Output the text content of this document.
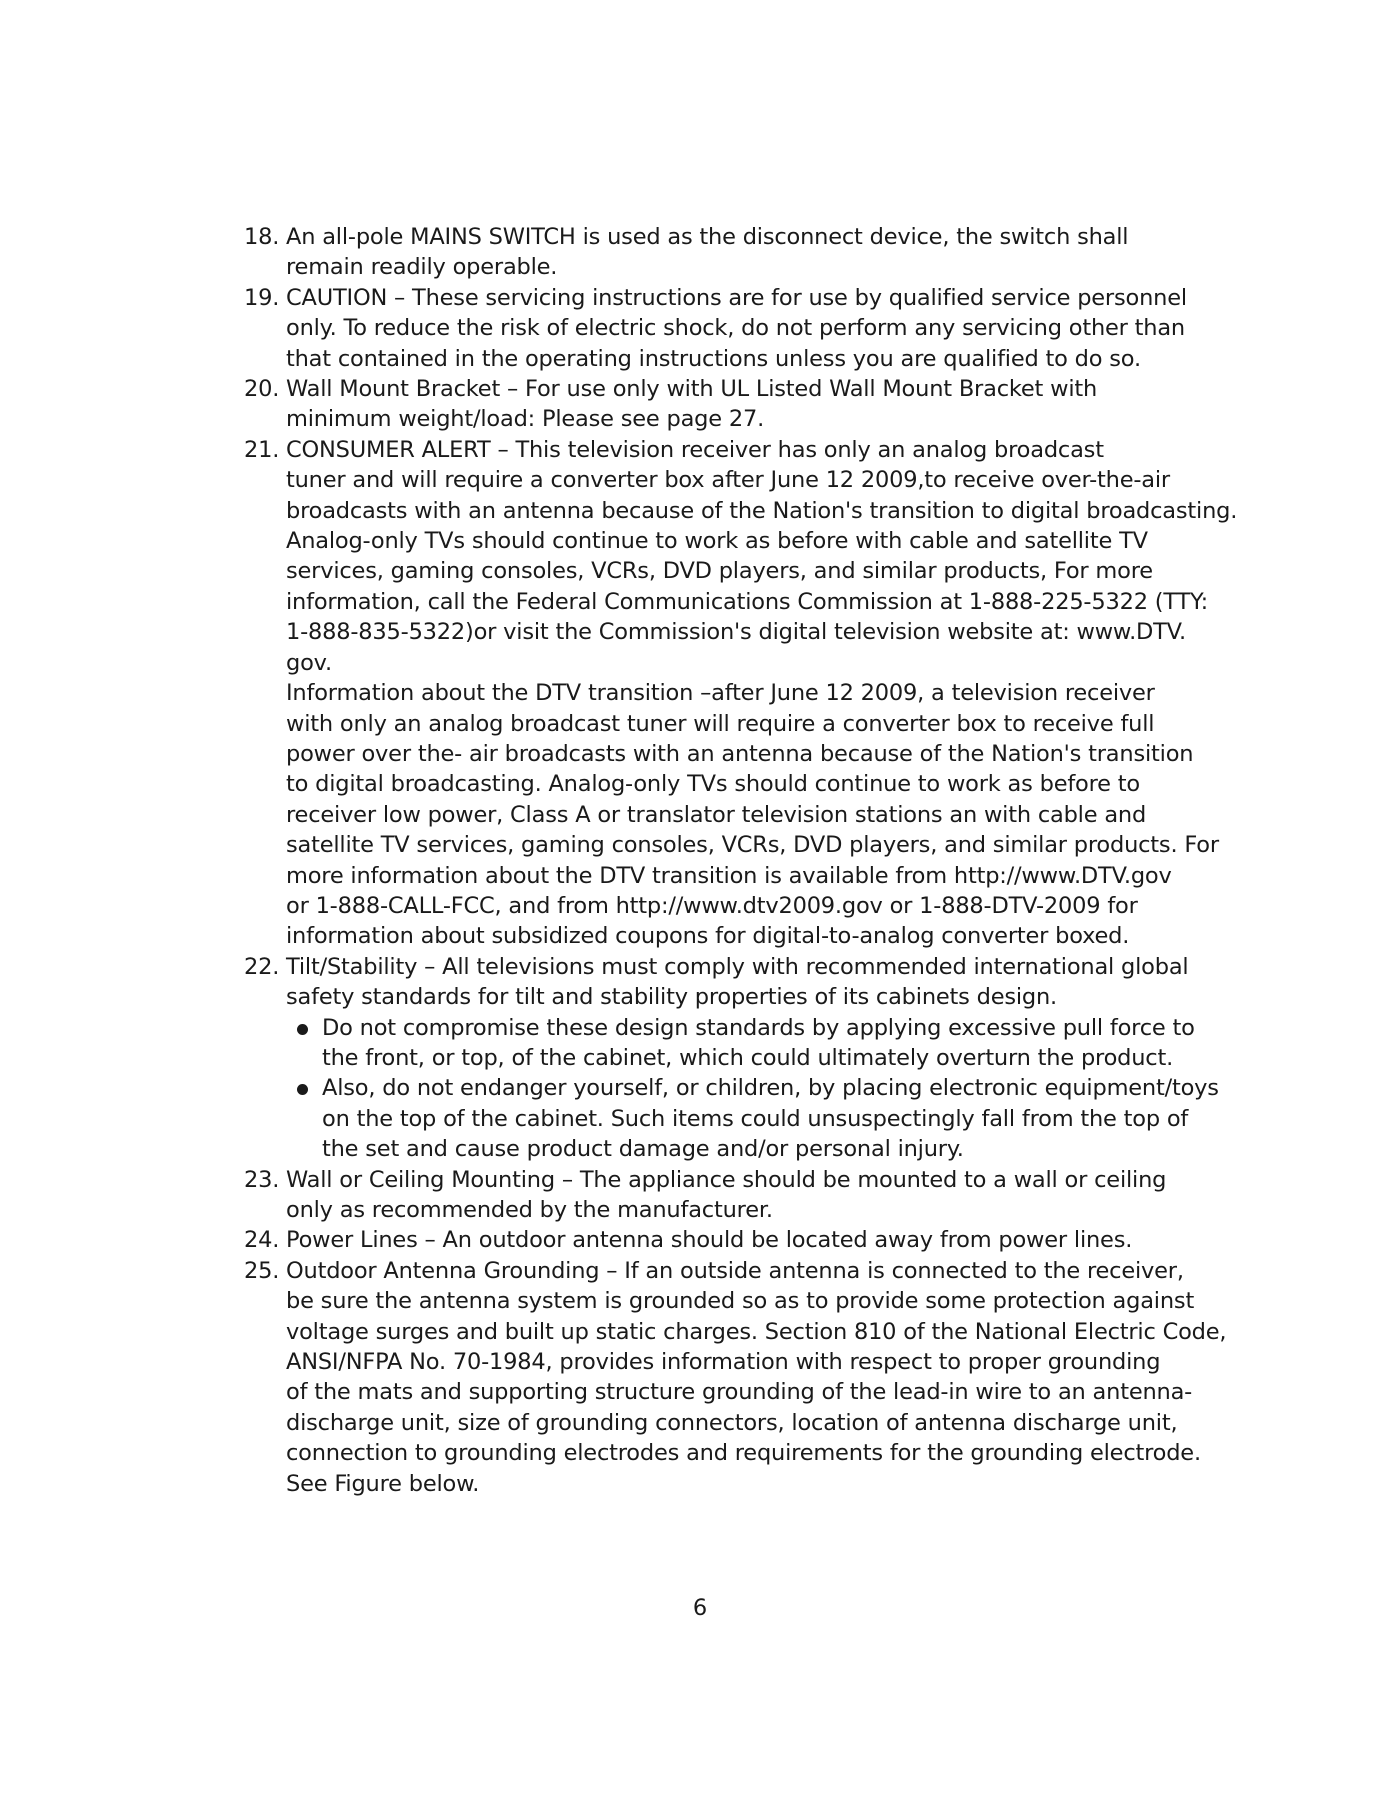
18. An all-pole MAINS SWITCH is used as the disconnect device, the switch shall
remain readily operable.
19. CAUTION – These servicing instructions are for use by qualified service personnel
only. To reduce the risk of electric shock, do not perform any servicing other than
that contained in the operating instructions unless you are qualified to do so.
20. Wall Mount Bracket – For use only with UL Listed Wall Mount Bracket with
minimum weight/load: Please see page 27.
21. CONSUMER ALERT – This television receiver has only an analog broadcast
tuner and will require a converter box after June 12 2009,to receive over-the-air
broadcasts with an antenna because of the Nation's transition to digital broadcasting.
Analog-only TVs should continue to work as before with cable and satellite TV
services, gaming consoles, VCRs, DVD players, and similar products, For more
information, call the Federal Communications Commission at 1-888-225-5322 (TTY:
1-888-835-5322)or visit the Commission's digital television website at: www.DTV.
gov.
Information about the DTV transition –after June 12 2009, a television receiver
with only an analog broadcast tuner will require a converter box to receive full
power over the- air broadcasts with an antenna because of the Nation's transition
to digital broadcasting. Analog-only TVs should continue to work as before to
receiver low power, Class A or translator television stations an with cable and
satellite TV services, gaming consoles, VCRs, DVD players, and similar products. For
more information about the DTV transition is available from http://www.DTV.gov
or 1-888-CALL-FCC, and from http://www.dtv2009.gov or 1-888-DTV-2009 for
information about subsidized coupons for digital-to-analog converter boxed.
22. Tilt/Stability – All televisions must comply with recommended international global
safety standards for tilt and stability properties of its cabinets design.
Do not compromise these design standards by applying excessive pull force to
the front, or top, of the cabinet, which could ultimately overturn the product.
Also, do not endanger yourself, or children, by placing electronic equipment/toys
on the top of the cabinet. Such items could unsuspectingly fall from the top of
the set and cause product damage and/or personal injury.
23. Wall or Ceiling Mounting – The appliance should be mounted to a wall or ceiling
only as recommended by the manufacturer.
24. Power Lines – An outdoor antenna should be located away from power lines.
25. Outdoor Antenna Grounding – If an outside antenna is connected to the receiver,
be sure the antenna system is grounded so as to provide some protection against
voltage surges and built up static charges. Section 810 of the National Electric Code,
ANSI/NFPA No. 70-1984, provides information with respect to proper grounding
of the mats and supporting structure grounding of the lead-in wire to an antenna-
discharge unit, size of grounding connectors, location of antenna discharge unit,
connection to grounding electrodes and requirements for the grounding electrode.
See Figure below.
6
